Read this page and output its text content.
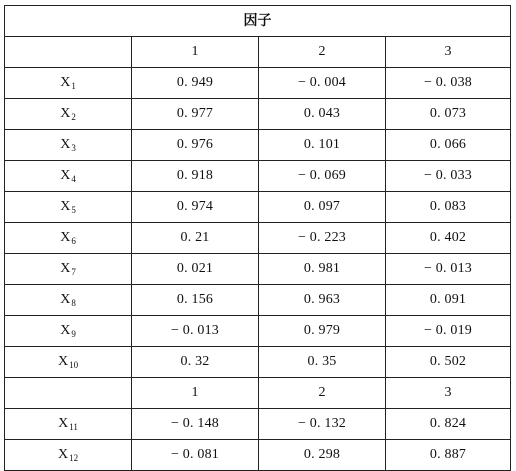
因子			
	1	2	3
$X_1$	0. 949	− 0. 004	− 0. 038
$X_2$	0. 977	0. 043	0. 073
$X_3$	0. 976	0. 101	0. 066
$X_4$	0. 918	− 0. 069	− 0. 033
$X_5$	0. 974	0. 097	0. 083
$X_6$	0. 21	− 0. 223	0. 402
$X_7$	0. 021	0. 981	− 0. 013
$X_8$	0. 156	0. 963	0. 091
$X_9$	− 0. 013	0. 979	− 0. 019
$X_{10}$	0. 32	0. 35	0. 502
	1	2	3
$X_{11}$	− 0. 148	− 0. 132	0. 824
$X_{12}$	− 0. 081	0. 298	0. 887
